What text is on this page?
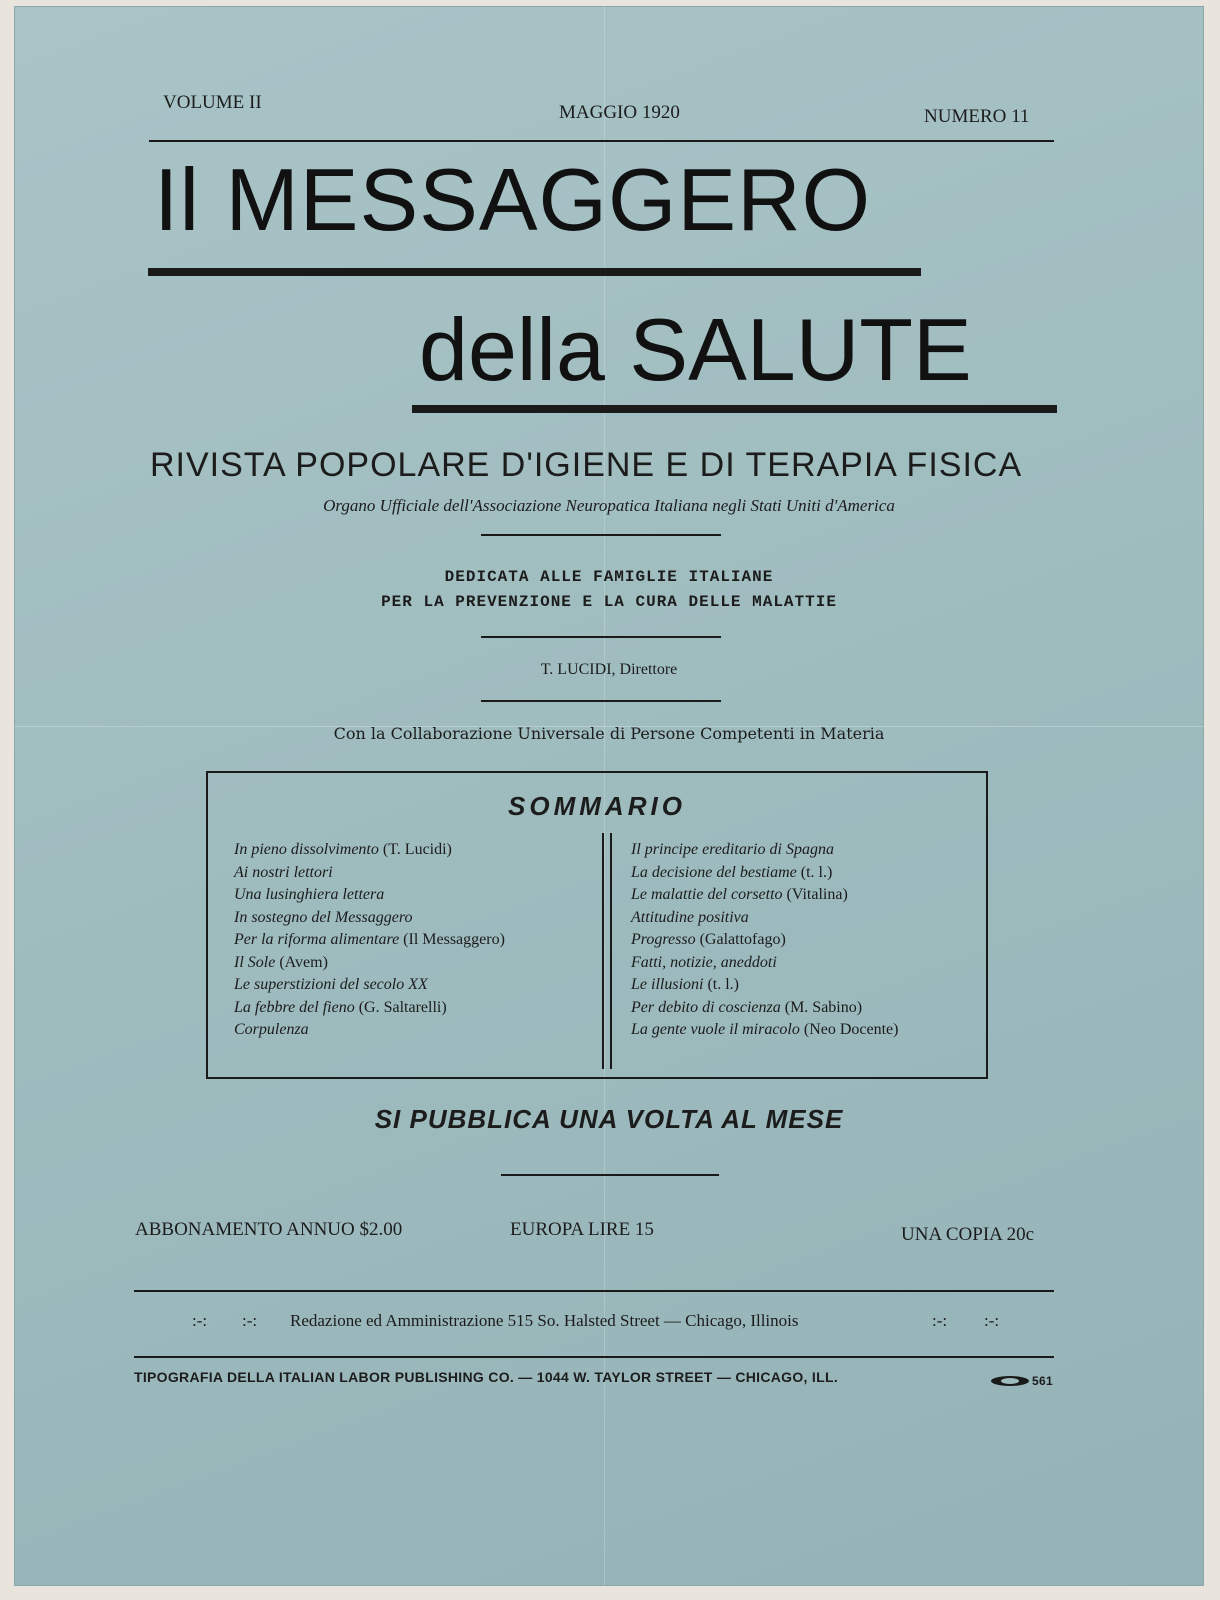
VOLUME II	MAGGIO 1920	NUMERO 11
Il MESSAGGERO
della SALUTE
RIVISTA POPOLARE D'IGIENE E DI TERAPIA FISICA
Organo Ufficiale dell'Associazione Neuropatica Italiana negli Stati Uniti d'America
DEDICATA ALLE FAMIGLIE ITALIANE
PER LA PREVENZIONE E LA CURA DELLE MALATTIE
T. LUCIDI, Direttore
Con la Collaborazione Universale di Persone Competenti in Materia
SOMMARIO
In pieno dissolvimento (T. Lucidi)
Ai nostri lettori
Una lusinghiera lettera
In sostegno del Messaggero
Per la riforma alimentare (Il Messaggero)
Il Sole (Avem)
Le superstizioni del secolo XX
La febbre del fieno (G. Saltarelli)
Corpulenza
Il principe ereditario di Spagna
La decisione del bestiame (t. l.)
Le malattie del corsetto (Vitalina)
Attitudine positiva
Progresso (Galattofago)
Fatti, notizie, aneddoti
Le illusioni (t. l.)
Per debito di coscienza (M. Sabino)
La gente vuole il miracolo (Neo Docente)
SI PUBBLICA UNA VOLTA AL MESE
ABBONAMENTO ANNUO $2.00	EUROPA LIRE 15	UNA COPIA 20c
:-: :-: Redazione ed Amministrazione 515 So. Halsted Street — Chicago, Illinois	:-: :-:
TIPOGRAFIA DELLA ITALIAN LABOR PUBLISHING CO. — 1044 W. TAYLOR STREET — CHICAGO, ILL.	561
